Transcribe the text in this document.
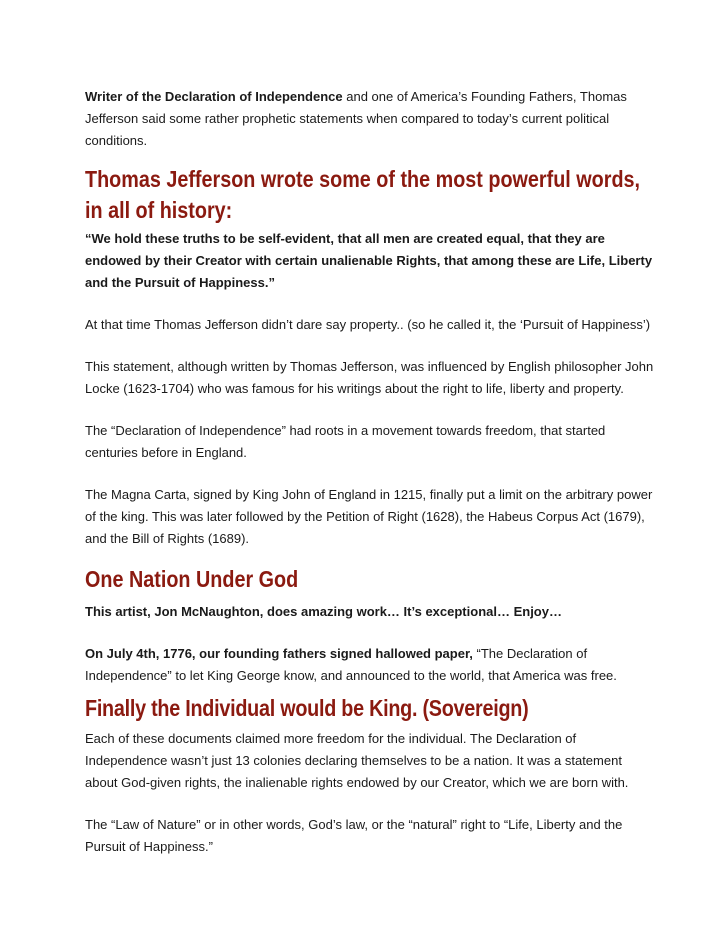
Writer of the Declaration of Independence and one of America’s Founding Fathers, Thomas Jefferson said some rather prophetic statements when compared to today’s current political conditions.

Thomas Jefferson wrote some of the most powerful words, in all of history:

“We hold these truths to be self-evident, that all men are created equal, that they are endowed by their Creator with certain unalienable Rights, that among these are Life, Liberty and the Pursuit of Happiness.”

At that time Thomas Jefferson didn’t dare say property.. (so he called it, the ‘Pursuit of Happiness’)

This statement, although written by Thomas Jefferson, was influenced by English philosopher John Locke (1623-1704) who was famous for his writings about the right to life, liberty and property.

The “Declaration of Independence” had roots in a movement towards freedom, that started centuries before in England.

The Magna Carta, signed by King John of England in 1215, finally put a limit on the arbitrary power of the king. This was later followed by the Petition of Right (1628), the Habeus Corpus Act (1679), and the Bill of Rights (1689).

One Nation Under God

This artist, Jon McNaughton, does amazing work… It’s exceptional… Enjoy…

On July 4th, 1776, our founding fathers signed hallowed paper, “The Declaration of Independence” to let King George know, and announced to the world, that America was free.

Finally the Individual would be King. (Sovereign)

Each of these documents claimed more freedom for the individual. The Declaration of Independence wasn’t just 13 colonies declaring themselves to be a nation. It was a statement about God-given rights, the inalienable rights endowed by our Creator, which we are born with.

The “Law of Nature” or in other words, God’s law, or the “natural” right to “Life, Liberty and the Pursuit of Happiness.”
